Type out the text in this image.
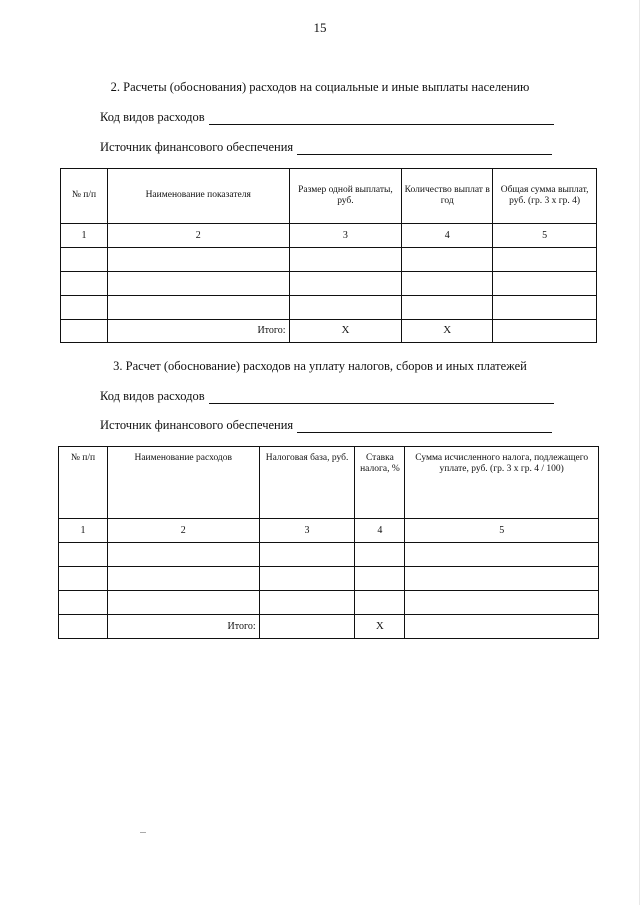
15
2. Расчеты (обоснования) расходов на социальные и иные выплаты населению
Код видов расходов
Источник финансового обеспечения
№ п/п	Наименование показателя	Размер одной выплаты, руб.	Количество выплат в год	Общая сумма выплат, руб. (гр. 3 х гр. 4)
1	2	3	4	5

	Итого:	X	X	
3. Расчет (обоснование) расходов на уплату налогов, сборов и иных платежей
Код видов расходов
Источник финансового обеспечения
№ п/п	Наименование расходов	Налоговая база, руб.	Ставка налога, %	Сумма исчисленного налога, подлежащего уплате, руб. (гр. 3 х гр. 4 / 100)
1	2	3	4	5

	Итого:		X	
